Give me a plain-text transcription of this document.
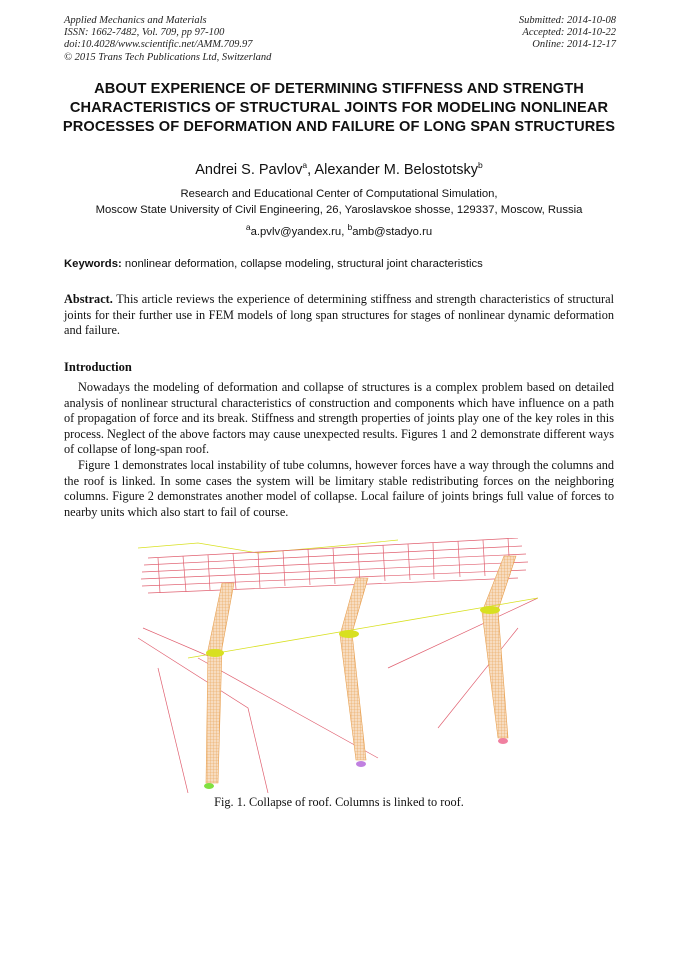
Applied Mechanics and Materials
ISSN: 1662-7482, Vol. 709, pp 97-100
doi:10.4028/www.scientific.net/AMM.709.97
© 2015 Trans Tech Publications Ltd, Switzerland
Submitted: 2014-10-08
Accepted: 2014-10-22
Online: 2014-12-17
ABOUT EXPERIENCE OF DETERMINING STIFFNESS AND STRENGTH CHARACTERISTICS OF STRUCTURAL JOINTS FOR MODELING NONLINEAR PROCESSES OF DEFORMATION AND FAILURE OF LONG SPAN STRUCTURES
Andrei S. Pavlov$^a$, Alexander M. Belostotsky$^b$
Research and Educational Center of Computational Simulation,
Moscow State University of Civil Engineering, 26, Yaroslavskoe shosse, 129337, Moscow, Russia
$^a$a.pvlv@yandex.ru, $^b$amb@stadyo.ru
Keywords: nonlinear deformation, collapse modeling, structural joint characteristics
Abstract. This article reviews the experience of determining stiffness and strength characteristics of structural joints for their further use in FEM models of long span structures for stages of nonlinear dynamic deformation and failure.
Introduction

Nowadays the modeling of deformation and collapse of structures is a complex problem based on detailed analysis of nonlinear structural characteristics of construction and components which have influence on a path of propagation of force and its break. Stiffness and strength properties of joints play one of the key roles in this process. Neglect of the above factors may cause unexpected results. Figures 1 and 2 demonstrate different ways of collapse of long-span roof.

Figure 1 demonstrates local instability of tube columns, however forces have a way through the columns and the roof is linked. In some cases the system will be limitary stable redistributing forces on the neighboring columns. Figure 2 demonstrates another model of collapse. Local failure of joints brings full value of forces to nearby units which also start to fail of course.

Fig. 1. Collapse of roof. Columns is linked to roof.
